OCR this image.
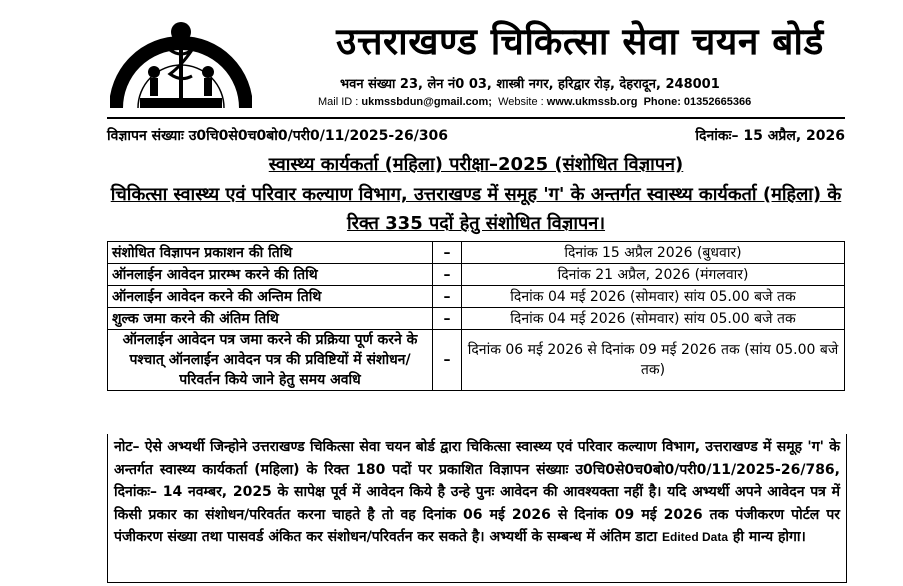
उत्तराखण्ड चिकित्सा सेवा चयन बोर्ड
भवन संख्या 23, लेन नं0 03, शास्त्री नगर, हरिद्वार रोड़, देहरादून, 248001
Mail ID : ukmssbdun@gmail.com; Website : www.ukmssb.org Phone: 01352665366
विज्ञापन संख्याः उ0चि0से0च0बो0/परी0/11/2025-26/306	दिनांकः– 15 अप्रैल, 2026
स्वास्थ्य कार्यकर्ता (महिला) परीक्षा–2025 (संशोधित विज्ञापन)
चिकित्सा स्वास्थ्य एवं परिवार कल्याण विभाग, उत्तराखण्ड में समूह 'ग' के अन्तर्गत स्वास्थ्य कार्यकर्ता (महिला) के रिक्त 335 पदों हेतु संशोधित विज्ञापन।
संशोधित विज्ञापन प्रकाशन की तिथि	–	दिनांक 15 अप्रैल 2026 (बुधवार)
ऑनलाईन आवेदन प्रारम्भ करने की तिथि	–	दिनांक 21 अप्रैल, 2026 (मंगलवार)
ऑनलाईन आवेदन करने की अन्तिम तिथि	–	दिनांक 04 मई 2026 (सोमवार) सांय 05.00 बजे तक
शुल्क जमा करने की अंतिम तिथि	–	दिनांक 04 मई 2026 (सोमवार) सांय 05.00 बजे तक
ऑनलाईन आवेदन पत्र जमा करने की प्रक्रिया पूर्ण करने के पश्चात् ऑनलाईन आवेदन पत्र की प्रविष्टियों में संशोधन/परिवर्तन किये जाने हेतु समय अवधि	–	दिनांक 06 मई 2026 से दिनांक 09 मई 2026 तक (सांय 05.00 बजे तक)
नोट– ऐसे अभ्यर्थी जिन्होने उत्तराखण्ड चिकित्सा सेवा चयन बोर्ड द्वारा चिकित्सा स्वास्थ्य एवं परिवार कल्याण विभाग, उत्तराखण्ड में समूह 'ग' के अन्तर्गत स्वास्थ्य कार्यकर्ता (महिला) के रिक्त 180 पदों पर प्रकाशित विज्ञापन संख्याः उ0चि0से0च0बो0/परी0/11/2025-26/786, दिनांकः– 14 नवम्बर, 2025 के सापेक्ष पूर्व में आवेदन किये है उन्हे पुनः आवेदन की आवश्यक्ता नहीं है। यदि अभ्यर्थी अपने आवेदन पत्र में किसी प्रकार का संशोधन/परिवर्तत करना चाहते है तो वह दिनांक 06 मई 2026 से दिनांक 09 मई 2026 तक पंजीकरण पोर्टल पर पंजीकरण संख्या तथा पासवर्ड अंकित कर संशोधन/परिवर्तन कर सकते है। अभ्यर्थी के सम्बन्ध में अंतिम डाटा Edited Data ही मान्य होगा।
